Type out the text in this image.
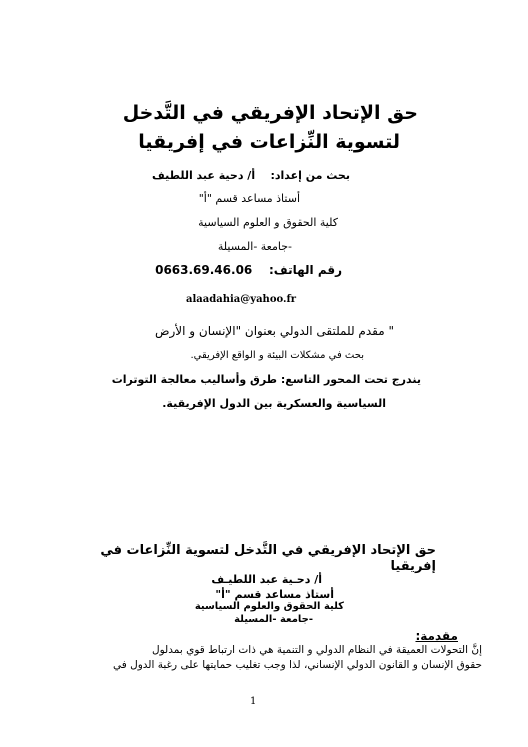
حق الإتحاد الإفريقي في التَّدخل
لتسوية النِّزاعات في إفريقيا
بحث من إعداد:    أ/ دحية عبد اللطيف
أستاذ مساعد قسم "أ"
كلية الحقوق و العلوم السياسية
-جامعة -المسيلة
رقم الهاتف:    0663.69.46.06
alaadahia@yahoo.fr
" مقدم للملتقى الدولي بعنوان "الإنسان و الأرض
بحث في مشكلات البيئة و الواقع الإفريقي.
يندرج تحت المحور التاسع: طرق وأساليب معالجة التوترات
السياسية والعسكرية بين الدول الإفريقية.
حق الإتحاد الإفريقي في التَّدخل لتسوية النِّزاعات في
إفريقيا
أ/ دحـية عبد اللطيـف
أستاذ مساعد قسم "أ"
كلية الحقوق والعلوم السياسية
-جامعة -المسيلة
مقدمة:
إنَّ التحولات العميقة في النظام الدولي و التنمية هي ذات ارتباط قوي بمدلول
حقوق الإنسان و القانون الدولي الإنساني، لذا وجب تغليب حمايتها على رغبة الدول في
1
